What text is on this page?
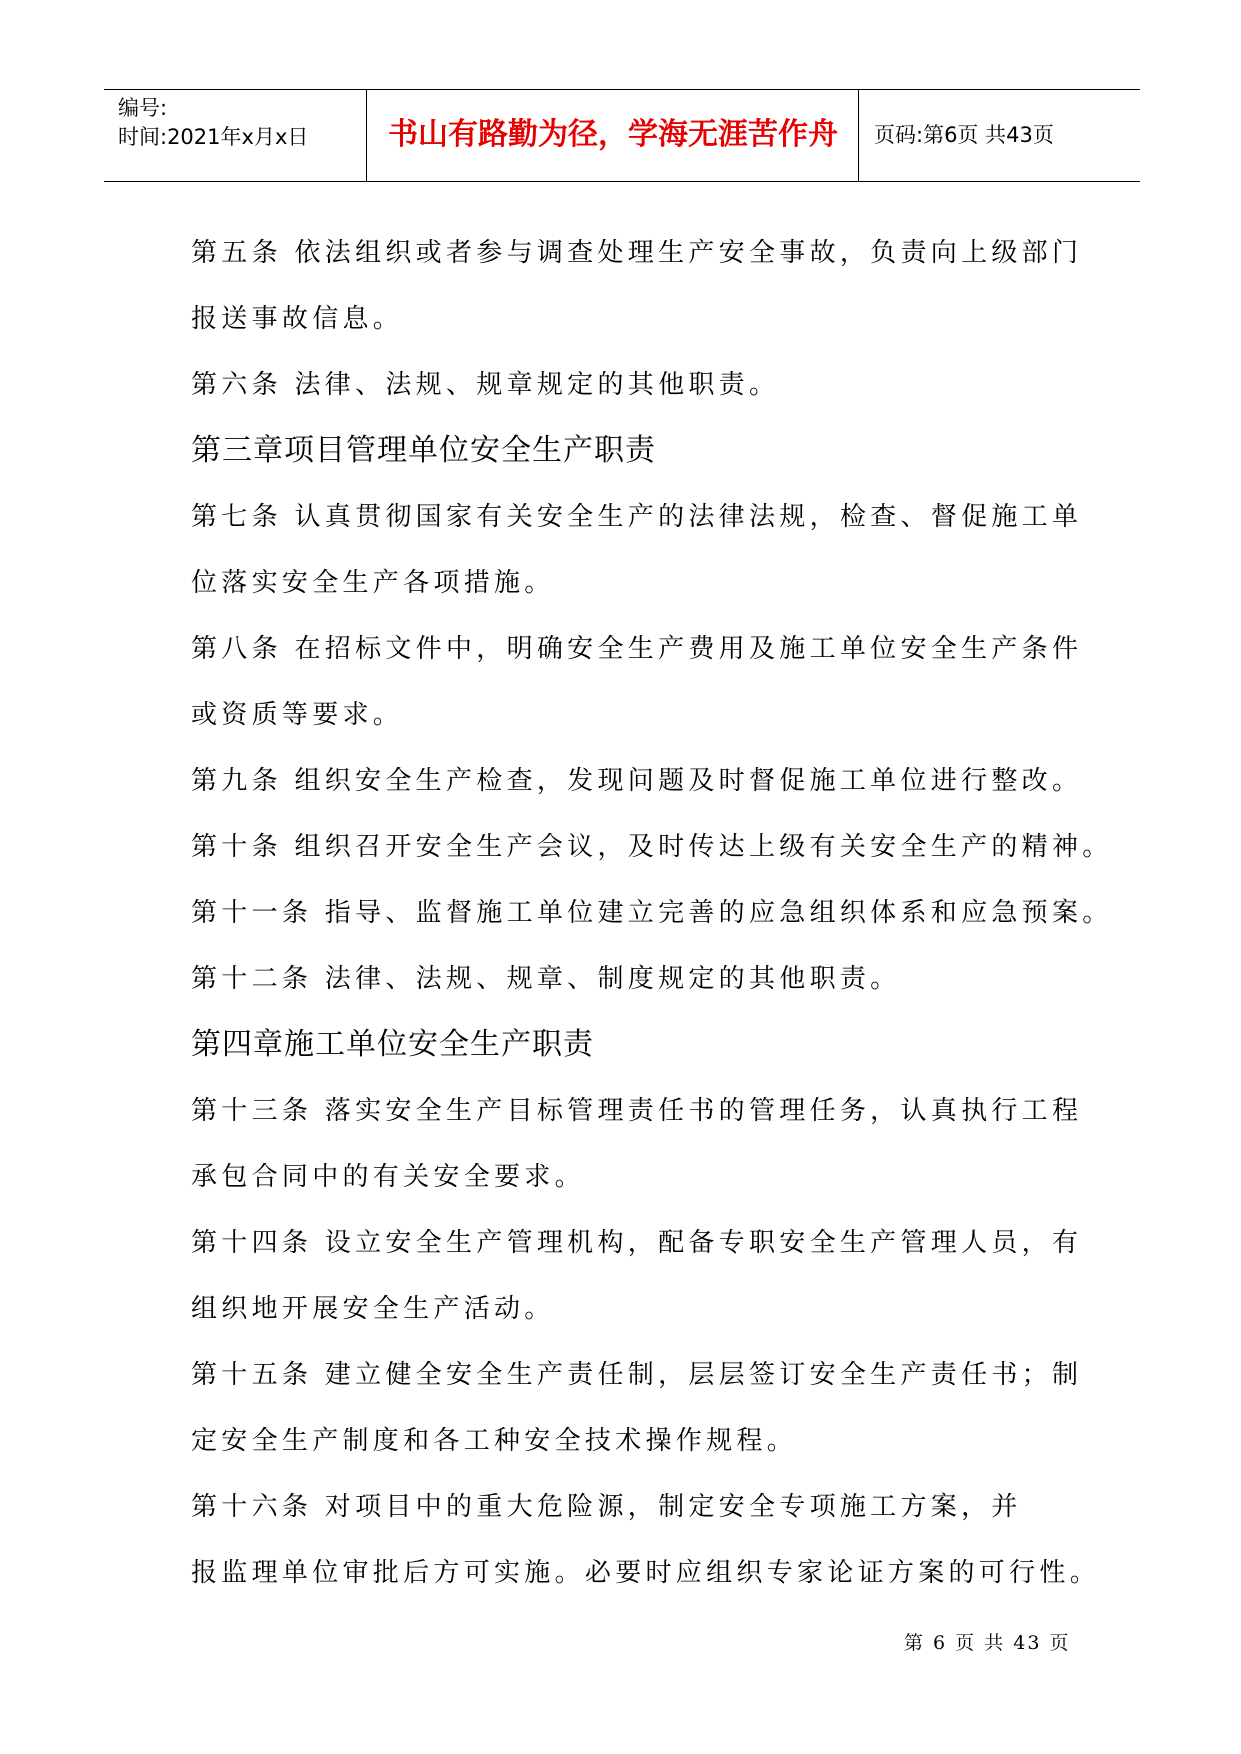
编号:
时间:2021年x月x日	书山有路勤为径，学海无涯苦作舟	页码:第6页 共43页
第五条 依法组织或者参与调查处理生产安全事故，负责向上级部门
报送事故信息。
第六条 法律、法规、规章规定的其他职责。
第三章项目管理单位安全生产职责
第七条 认真贯彻国家有关安全生产的法律法规，检查、督促施工单
位落实安全生产各项措施。
第八条 在招标文件中，明确安全生产费用及施工单位安全生产条件
或资质等要求。
第九条 组织安全生产检查，发现问题及时督促施工单位进行整改。
第十条 组织召开安全生产会议，及时传达上级有关安全生产的精神。
第十一条 指导、监督施工单位建立完善的应急组织体系和应急预案。
第十二条 法律、法规、规章、制度规定的其他职责。
第四章施工单位安全生产职责
第十三条 落实安全生产目标管理责任书的管理任务，认真执行工程
承包合同中的有关安全要求。
第十四条 设立安全生产管理机构，配备专职安全生产管理人员，有
组织地开展安全生产活动。
第十五条 建立健全安全生产责任制，层层签订安全生产责任书；制
定安全生产制度和各工种安全技术操作规程。
第十六条 对项目中的重大危险源，制定安全专项施工方案，并
报监理单位审批后方可实施。必要时应组织专家论证方案的可行性。
第 6 页 共 43 页
